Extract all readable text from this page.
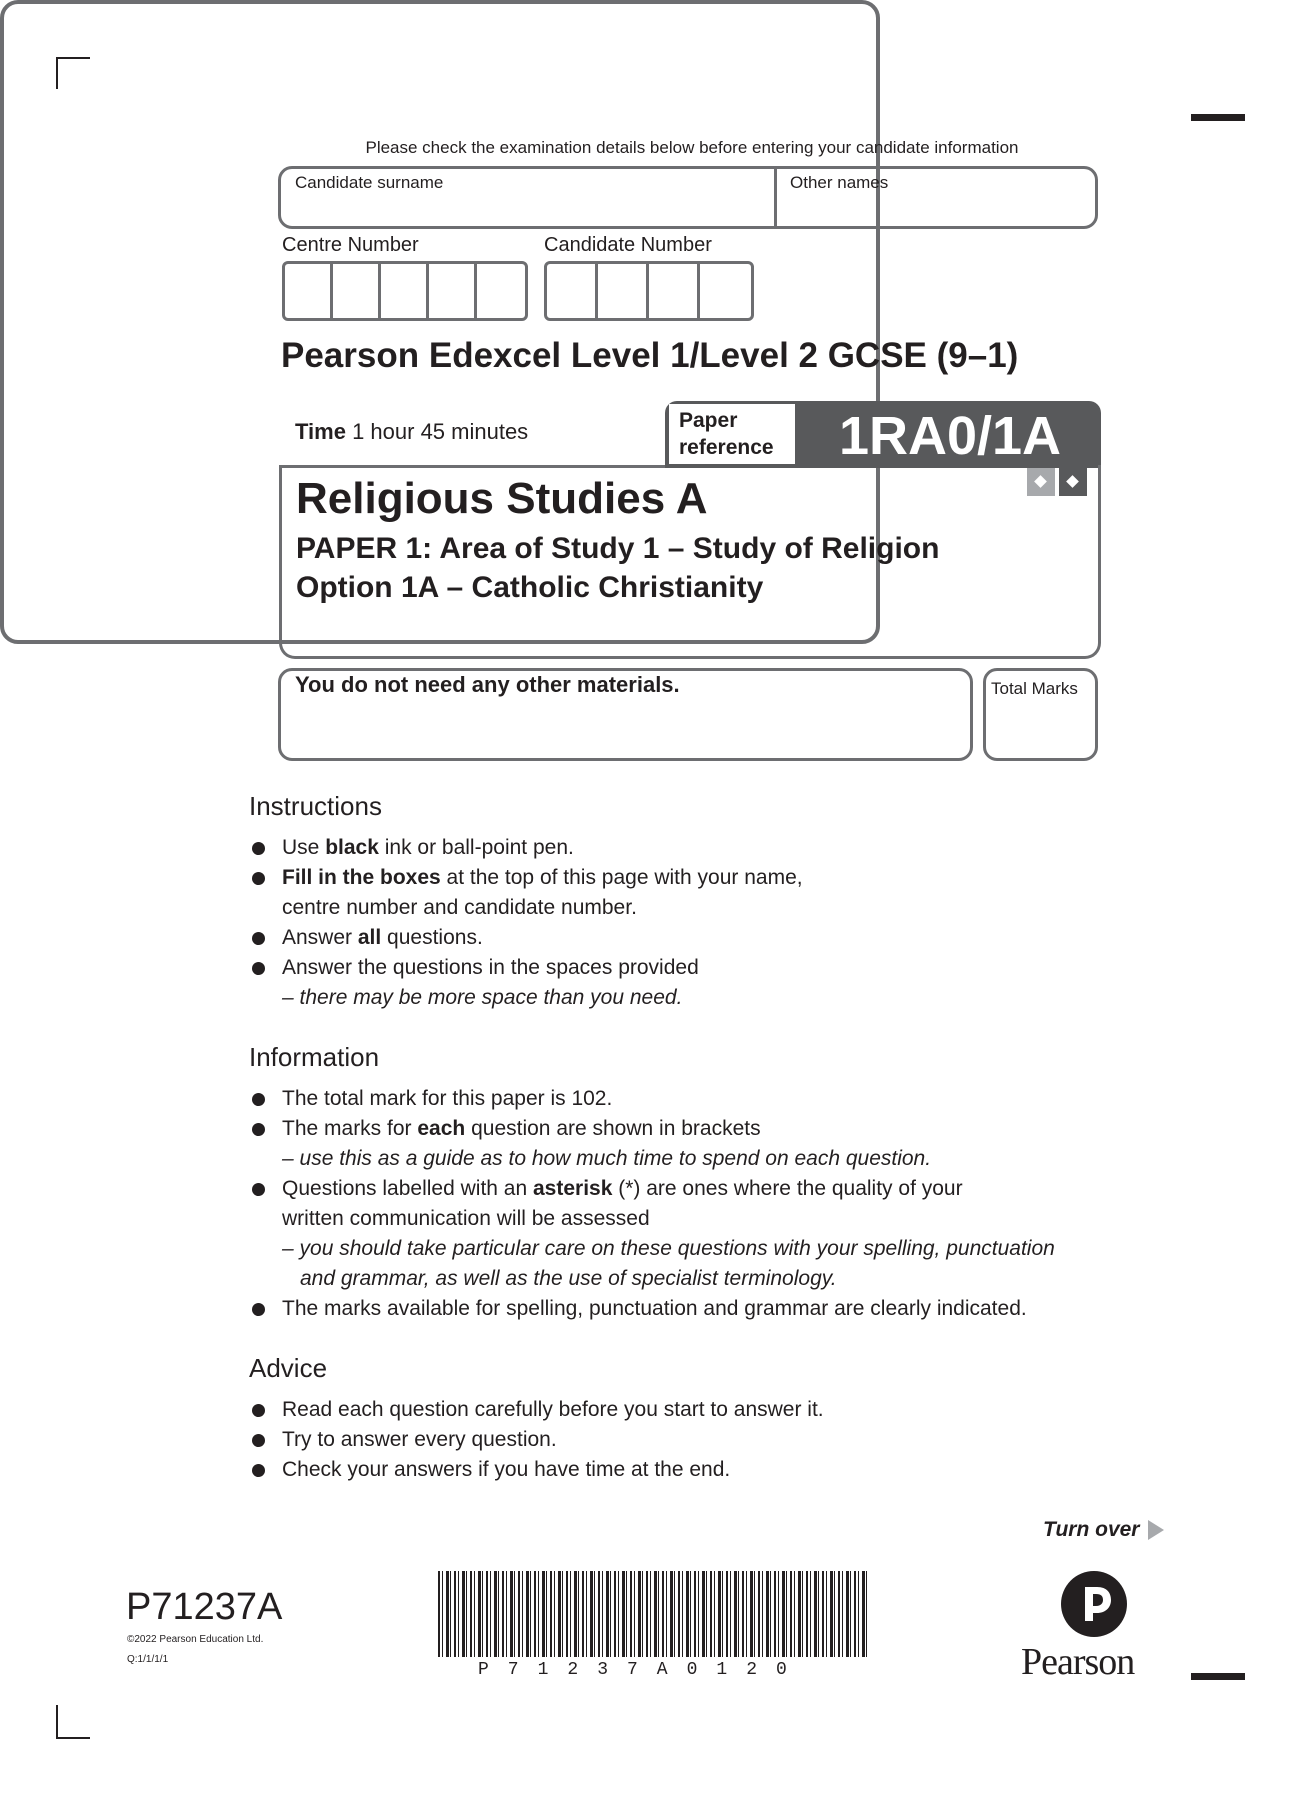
Please check the examination details below before entering your candidate information
Candidate surname	Other names
Centre Number	Candidate Number
Pearson Edexcel Level 1/Level 2 GCSE (9–1)
Time 1 hour 45 minutes	Paper
reference	1RA0/1A
Religious Studies A
PAPER 1: Area of Study 1 – Study of Religion
Option 1A – Catholic Christianity
You do not need any other materials.	Total Marks
Instructions
Use black ink or ball-point pen.
Fill in the boxes at the top of this page with your name,
centre number and candidate number.
Answer all questions.
Answer the questions in the spaces provided
– there may be more space than you need.
Information
The total mark for this paper is 102.
The marks for each question are shown in brackets
– use this as a guide as to how much time to spend on each question.
Questions labelled with an asterisk (*) are ones where the quality of your
written communication will be assessed
– you should take particular care on these questions with your spelling, punctuation
and grammar, as well as the use of specialist terminology.
The marks available for spelling, punctuation and grammar are clearly indicated.
Advice
Read each question carefully before you start to answer it.
Try to answer every question.
Check your answers if you have time at the end.
Turn over
P71237A
©2022 Pearson Education Ltd.
Q:1/1/1/1
P71237A0120	Pearson
